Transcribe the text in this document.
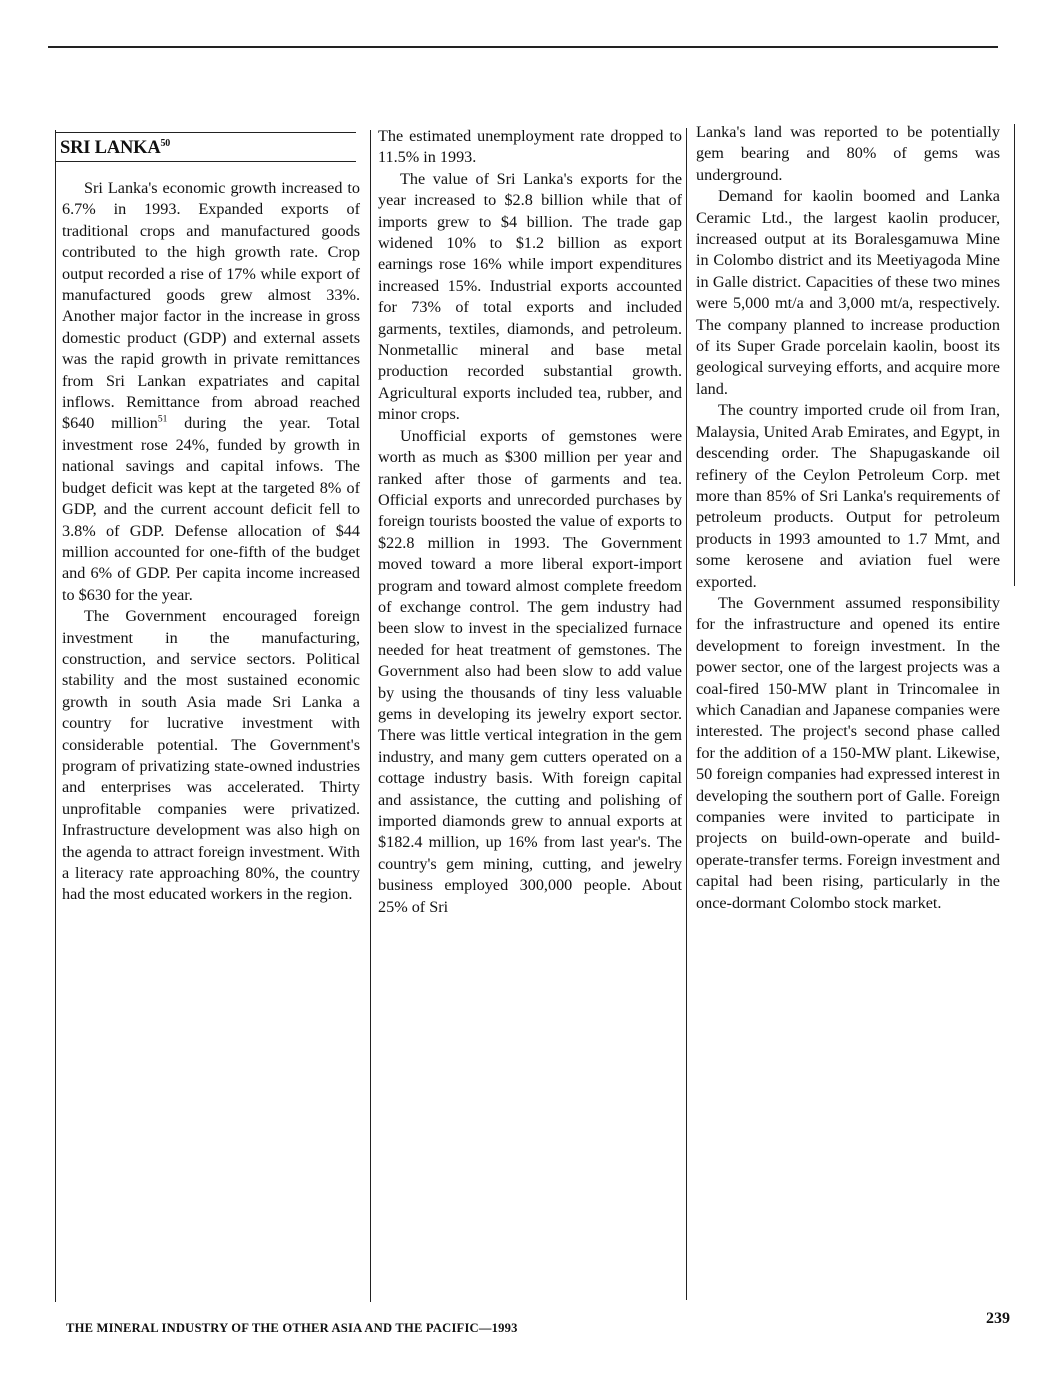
SRI LANKA$^{50}$

Sri Lanka's economic growth increased to 6.7% in 1993. Expanded exports of traditional crops and manufactured goods contributed to the high growth rate. Crop output recorded a rise of 17% while export of manufactured goods grew almost 33%. Another major factor in the increase in gross domestic product (GDP) and external assets was the rapid growth in private remittances from Sri Lankan expatriates and capital inflows. Remittance from abroad reached $640 million$^{51}$ during the year. Total investment rose 24%, funded by growth in national savings and capital infows. The budget deficit was kept at the targeted 8% of GDP, and the current account deficit fell to 3.8% of GDP. Defense allocation of $44 million accounted for one-fifth of the budget and 6% of GDP. Per capita income increased to $630 for the year.

The Government encouraged foreign investment in the manufacturing, construction, and service sectors. Political stability and the most sustained economic growth in south Asia made Sri Lanka a country for lucrative investment with considerable potential. The Government's program of privatizing state-owned industries and enterprises was accelerated. Thirty unprofitable companies were privatized. Infrastructure development was also high on the agenda to attract foreign investment. With a literacy rate approaching 80%, the country had the most educated workers in the region.

The estimated unemployment rate dropped to 11.5% in 1993.

The value of Sri Lanka's exports for the year increased to $2.8 billion while that of imports grew to $4 billion. The trade gap widened 10% to $1.2 billion as export earnings rose 16% while import expenditures increased 15%. Industrial exports accounted for 73% of total exports and included garments, textiles, diamonds, and petroleum. Nonmetallic mineral and base metal production recorded substantial growth. Agricultural exports included tea, rubber, and minor crops.

Unofficial exports of gemstones were worth as much as $300 million per year and ranked after those of garments and tea. Official exports and unrecorded purchases by foreign tourists boosted the value of exports to $22.8 million in 1993. The Government moved toward a more liberal export-import program and toward almost complete freedom of exchange control. The gem industry had been slow to invest in the specialized furnace needed for heat treatment of gemstones. The Government also had been slow to add value by using the thousands of tiny less valuable gems in developing its jewelry export sector. There was little vertical integration in the gem industry, and many gem cutters operated on a cottage industry basis. With foreign capital and assistance, the cutting and polishing of imported diamonds grew to annual exports at $182.4 million, up 16% from last year's. The country's gem mining, cutting, and jewelry business employed 300,000 people. About 25% of Sri

Lanka's land was reported to be potentially gem bearing and 80% of gems was underground.

Demand for kaolin boomed and Lanka Ceramic Ltd., the largest kaolin producer, increased output at its Boralesgamuwa Mine in Colombo district and its Meetiyagoda Mine in Galle district. Capacities of these two mines were 5,000 mt/a and 3,000 mt/a, respectively. The company planned to increase production of its Super Grade porcelain kaolin, boost its geological surveying efforts, and acquire more land.

The country imported crude oil from Iran, Malaysia, United Arab Emirates, and Egypt, in descending order. The Shapugaskande oil refinery of the Ceylon Petroleum Corp. met more than 85% of Sri Lanka's requirements of petroleum products. Output for petroleum products in 1993 amounted to 1.7 Mmt, and some kerosene and aviation fuel were exported.

The Government assumed responsibility for the infrastructure and opened its entire development to foreign investment. In the power sector, one of the largest projects was a coal-fired 150-MW plant in Trincomalee in which Canadian and Japanese companies were interested. The project's second phase called for the addition of a 150-MW plant. Likewise, 50 foreign companies had expressed interest in developing the southern port of Galle. Foreign companies were invited to participate in projects on build-own-operate and build-operate-transfer terms. Foreign investment and capital had been rising, particularly in the once-dormant Colombo stock market.

THE MINERAL INDUSTRY OF THE OTHER ASIA AND THE PACIFIC—1993
239
